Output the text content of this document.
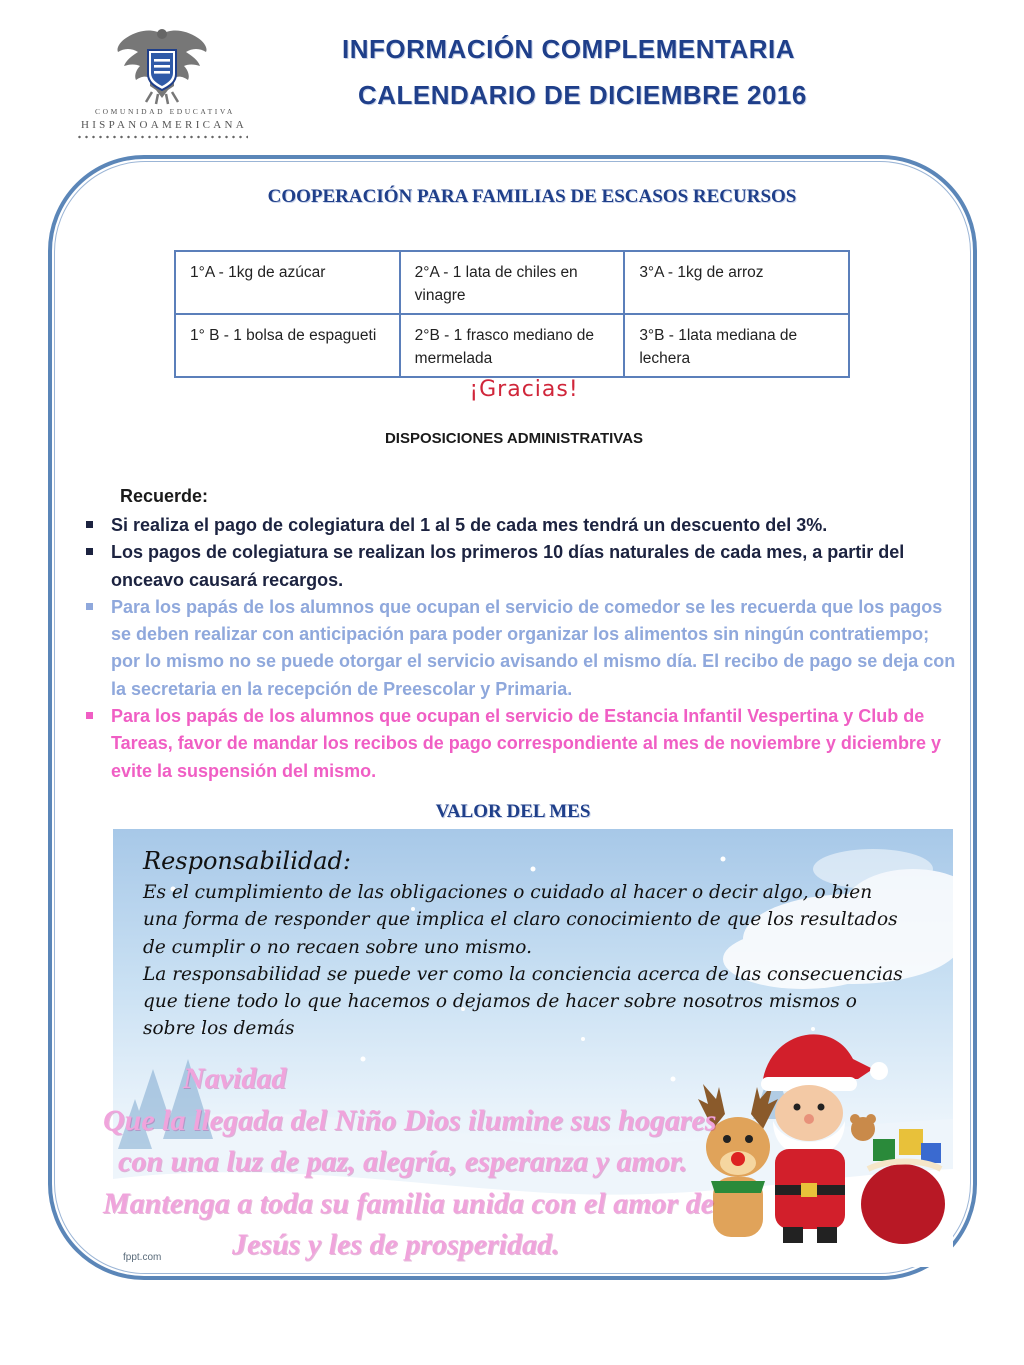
COMUNIDAD EDUCATIVA
HISPANOAMERICANA
INFORMACIÓN COMPLEMENTARIA
CALENDARIO DE DICIEMBRE 2016
COOPERACIÓN PARA FAMILIAS DE ESCASOS RECURSOS
1°A - 1kg de azúcar	2°A - 1 lata de chiles en vinagre	3°A - 1kg de arroz
1° B - 1 bolsa de espagueti	2°B - 1 frasco mediano de mermelada	3°B - 1lata mediana de lechera
¡Gracias!
DISPOSICIONES ADMINISTRATIVAS
Recuerde:
Si realiza el pago de colegiatura del 1 al 5 de cada mes tendrá un descuento del 3%.
Los pagos de colegiatura se realizan los primeros 10 días naturales de cada mes, a partir del onceavo causará recargos.
Para los papás de los alumnos que ocupan el servicio de comedor se les recuerda que los pagos se deben realizar con anticipación para poder organizar los alimentos sin ningún contratiempo; por lo mismo no se puede otorgar el servicio avisando el mismo día. El recibo de pago se deja con la secretaria en la recepción de Preescolar y Primaria.
Para los papás de los alumnos que ocupan el servicio de Estancia Infantil Vespertina y Club de Tareas, favor de mandar los recibos de pago correspondiente al mes de noviembre y diciembre y evite la suspensión del mismo.
VALOR DEL MES
Responsabilidad:

Es el cumplimiento de las obligaciones o cuidado al hacer o decir algo, o bien una forma de responder que implica el claro conocimiento de que los resultados de cumplir o no recaen sobre uno mismo.

La responsabilidad se puede ver como la conciencia acerca de las consecuencias que tiene todo lo que hacemos o dejamos de hacer sobre nosotros mismos o sobre los demás

fppt.com
Navidad
Que la llegada del Niño Dios ilumine sus hogares
con una luz de paz, alegría, esperanza y amor.
Mantenga a toda su familia unida con el amor de
Jesús y les de prosperidad.
